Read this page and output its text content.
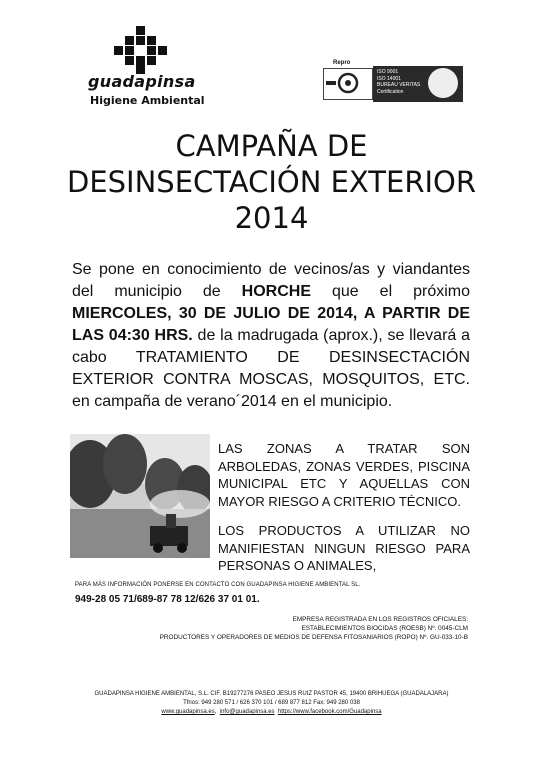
guadapinsa
Higiene Ambiental
Repro
ISO 9001
ISO 14001
BUREAU VERITAS
Certification
CAMPAÑA DE
DESINSECTACIÓN EXTERIOR
2014
Se pone en conocimiento de vecinos/as y viandantes del municipio de HORCHE que el próximo MIERCOLES, 30 DE JULIO DE 2014, A PARTIR DE LAS 04:30 HRS. de la madrugada (aprox.), se llevará a cabo TRATAMIENTO DE DESINSECTACIÓN EXTERIOR CONTRA MOSCAS, MOSQUITOS, ETC. en campaña de verano´2014 en el municipio.
LAS ZONAS A TRATAR SON ARBOLEDAS, ZONAS VERDES, PISCINA MUNICIPAL ETC Y AQUELLAS CON MAYOR RIESGO A CRITERIO TÉCNICO.
LOS PRODUCTOS A UTILIZAR NO MANIFIESTAN NINGUN RIESGO PARA PERSONAS O ANIMALES,
PARA MÁS INFORMACIÓN PONERSE EN CONTACTO CON GUADAPINSA HIGIENE AMBIENTAL SL.
949-28 05 71/689-87 78 12/626 37 01 01.
EMPRESA REGISTRADA EN LOS REGISTROS OFICIALES:
ESTABLECIMIENTOS BIOCIDAS (ROESB) Nº. 0045-CLM
PRODUCTORES Y OPERADORES DE MEDIOS DE DEFENSA FITOSANIARIOS (ROPO) Nº. GU-033-10-B
GUADAPINSA HIGIENE AMBIENTAL, S.L. CIF. B19277276 PASEO JESUS RUIZ PASTOR 45, 19400 BRIHUEGA (GUADALAJARA)
Tfnos: 949 280 571 / 626 370 101 / 689 877 812 Fax: 949 280 038
www.guadapinsa.es,  info@guadapinsa.es https://www.facebook.com/Guadapinsa
